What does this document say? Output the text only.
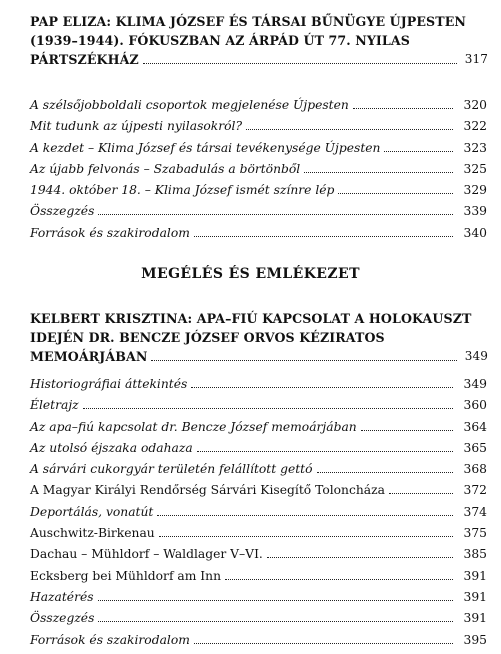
PAP ELIZA: KLIMA JÓZSEF ÉS TÁRSAI BŰNÜGYE ÚJPESTEN
(1939–1944). FÓKUSZBAN AZ ÁRPÁD ÚT 77. NYILAS
PÁRTSZÉKHÁZ	317
A szélsőjobboldali csoportok megjelenése Újpesten	320
Mit tudunk az újpesti nyilasokról?	322
A kezdet – Klima József és társai tevékenysége Újpesten	323
Az újabb felvonás – Szabadulás a börtönből	325
1944. október 18. – Klima József ismét színre lép	329
Összegzés	339
Források és szakirodalom	340
MEGÉLÉS ÉS EMLÉKEZET
KELBERT KRISZTINA: APA–FIÚ KAPCSOLAT A HOLOKAUSZT
IDEJÉN DR. BENCZE JÓZSEF ORVOS KÉZIRATOS
MEMOÁRJÁBAN	349
Historiográfiai áttekintés	349
Életrajz	360
Az apa–fiú kapcsolat dr. Bencze József memoárjában	364
Az utolsó éjszaka odahaza	365
A sárvári cukorgyár területén felállított gettó	368
A Magyar Királyi Rendőrség Sárvári Kisegítő Toloncháza	372
Deportálás, vonatút	374
Auschwitz-Birkenau	375
Dachau – Mühldorf – Waldlager V–VI.	385
Ecksberg bei Mühldorf am Inn	391
Hazatérés	391
Összegzés	391
Források és szakirodalom	395
